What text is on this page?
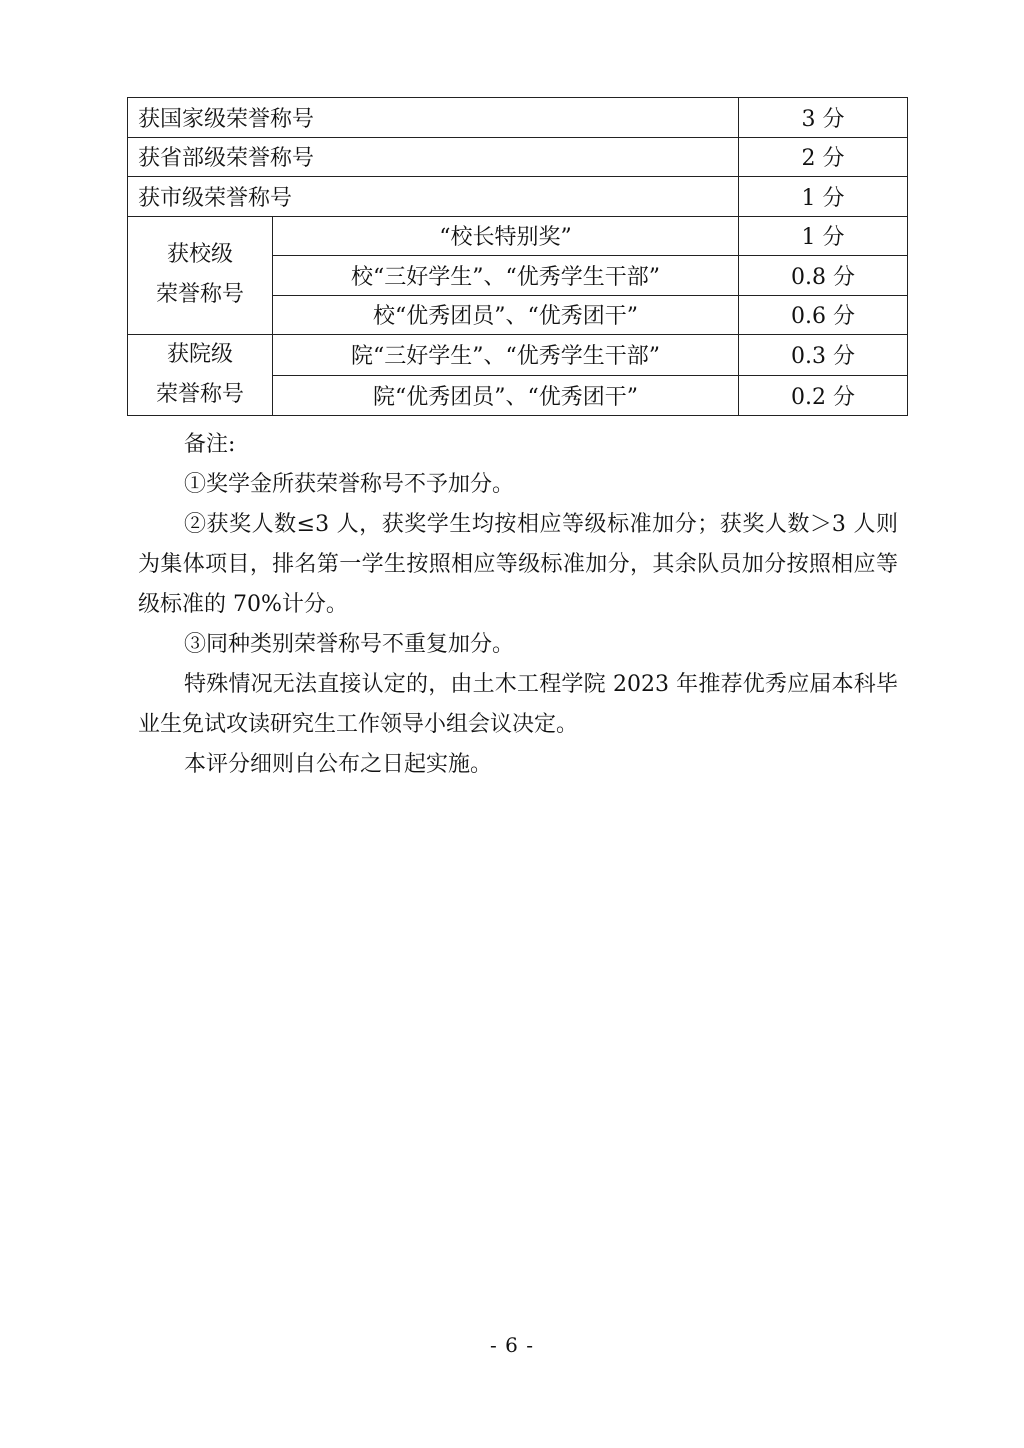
获国家级荣誉称号		3 分
获省部级荣誉称号		2 分
获市级荣誉称号		1 分

获校级
荣誉称号	“校长特别奖”	1 分
	校“三好学生”、“优秀学生干部”	0.8 分
	校“优秀团员”、“优秀团干”	0.6 分

获院级
荣誉称号	院“三好学生”、“优秀学生干部”	0.3 分
	院“优秀团员”、“优秀团干”	0.2 分

备注:

①奖学金所获荣誉称号不予加分。

②获奖人数≤3 人，获奖学生均按相应等级标准加分；获奖人数＞3 人则为集体项目，排名第一学生按照相应等级标准加分，其余队员加分按照相应等级标准的 70%计分。

③同种类别荣誉称号不重复加分。

特殊情况无法直接认定的，由土木工程学院 2023 年推荐优秀应届本科毕业生免试攻读研究生工作领导小组会议决定。

本评分细则自公布之日起实施。

- 6 -
